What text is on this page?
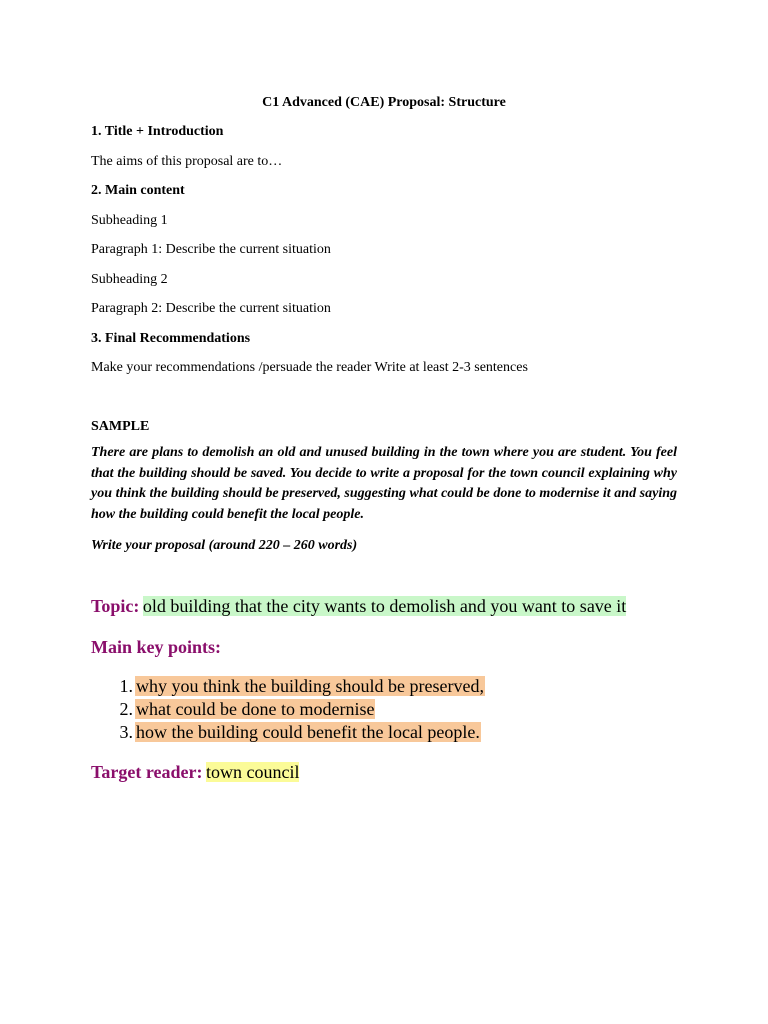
C1 Advanced (CAE) Proposal: Structure
1. Title + Introduction
The aims of this proposal are to…
2. Main content
Subheading 1
Paragraph 1: Describe the current situation
Subheading 2
Paragraph 2: Describe the current situation
3. Final Recommendations
Make your recommendations /persuade the reader Write at least 2-3 sentences
SAMPLE
There are plans to demolish an old and unused building in the town where you are student. You feel that the building should be saved. You decide to write a proposal for the town council explaining why you think the building should be preserved, suggesting what could be done to modernise it and saying how the building could benefit the local people.
Write your proposal (around 220 – 260 words)
Topic: old building that the city wants to demolish and you want to save it
Main key points:
1. why you think the building should be preserved,
2. what could be done to modernise
3. how the building could benefit the local people.
Target reader: town council
